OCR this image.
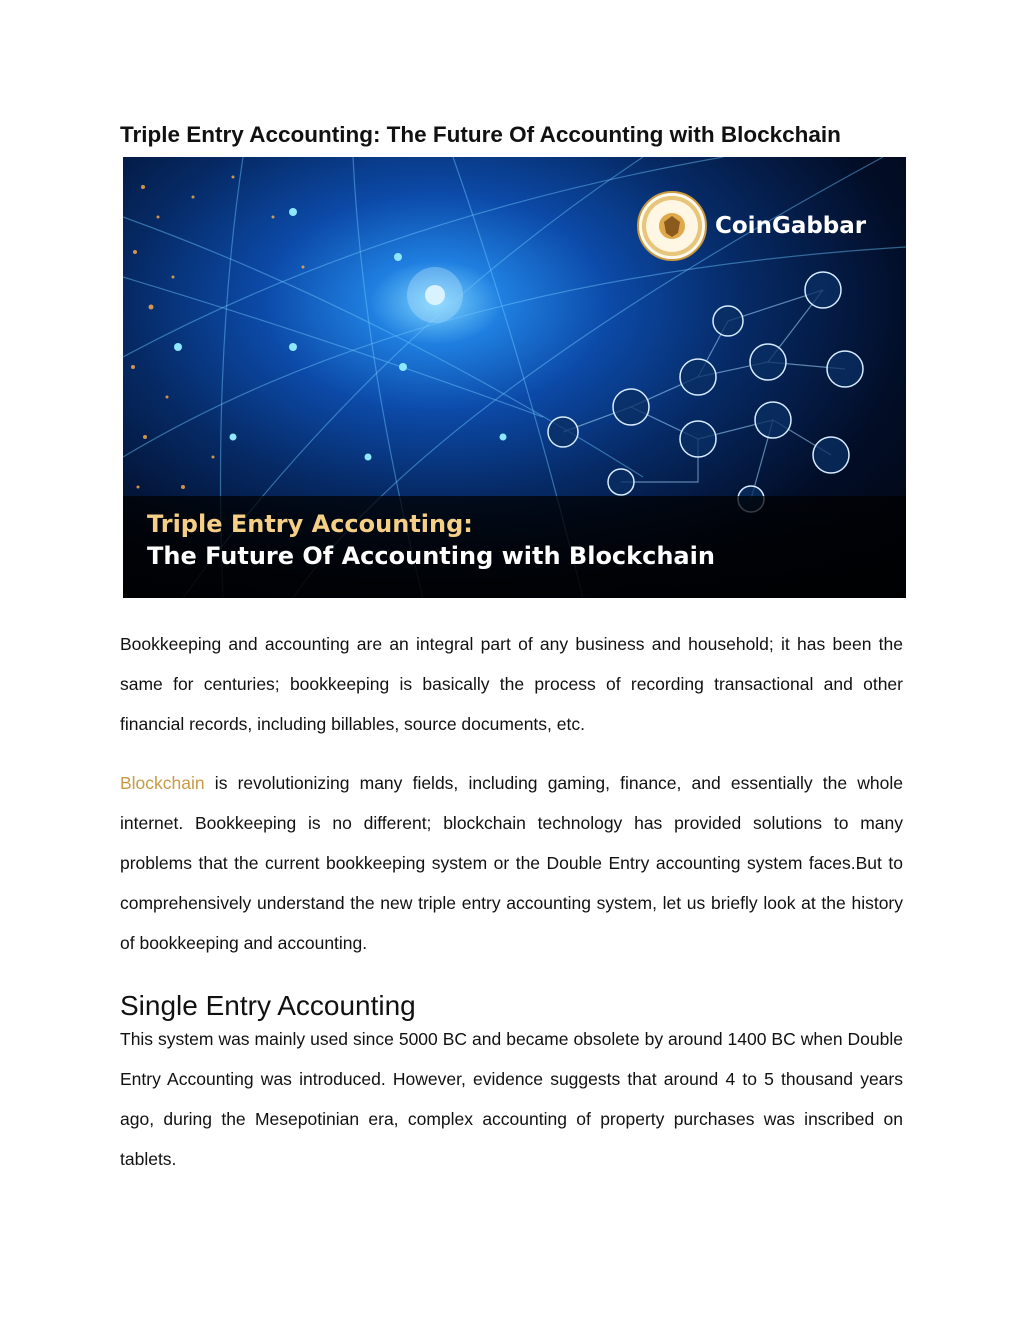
Triple Entry Accounting: The Future Of Accounting with Blockchain
CoinGabbar
Triple Entry Accounting:
The Future Of Accounting with Blockchain

Bookkeeping and accounting are an integral part of any business and household; it has been the same for centuries; bookkeeping is basically the process of recording transactional and other financial records, including billables, source documents, etc.

Blockchain is revolutionizing many fields, including gaming, finance, and essentially the whole internet. Bookkeeping is no different; blockchain technology has provided solutions to many problems that the current bookkeeping system or the Double Entry accounting system faces.But to comprehensively understand the new triple entry accounting system, let us briefly look at the history of bookkeeping and accounting.

Single Entry Accounting

This system was mainly used since 5000 BC and became obsolete by around 1400 BC when Double Entry Accounting was introduced. However, evidence suggests that around 4 to 5 thousand years ago, during the Mesepotinian era, complex accounting of property purchases was inscribed on tablets.
